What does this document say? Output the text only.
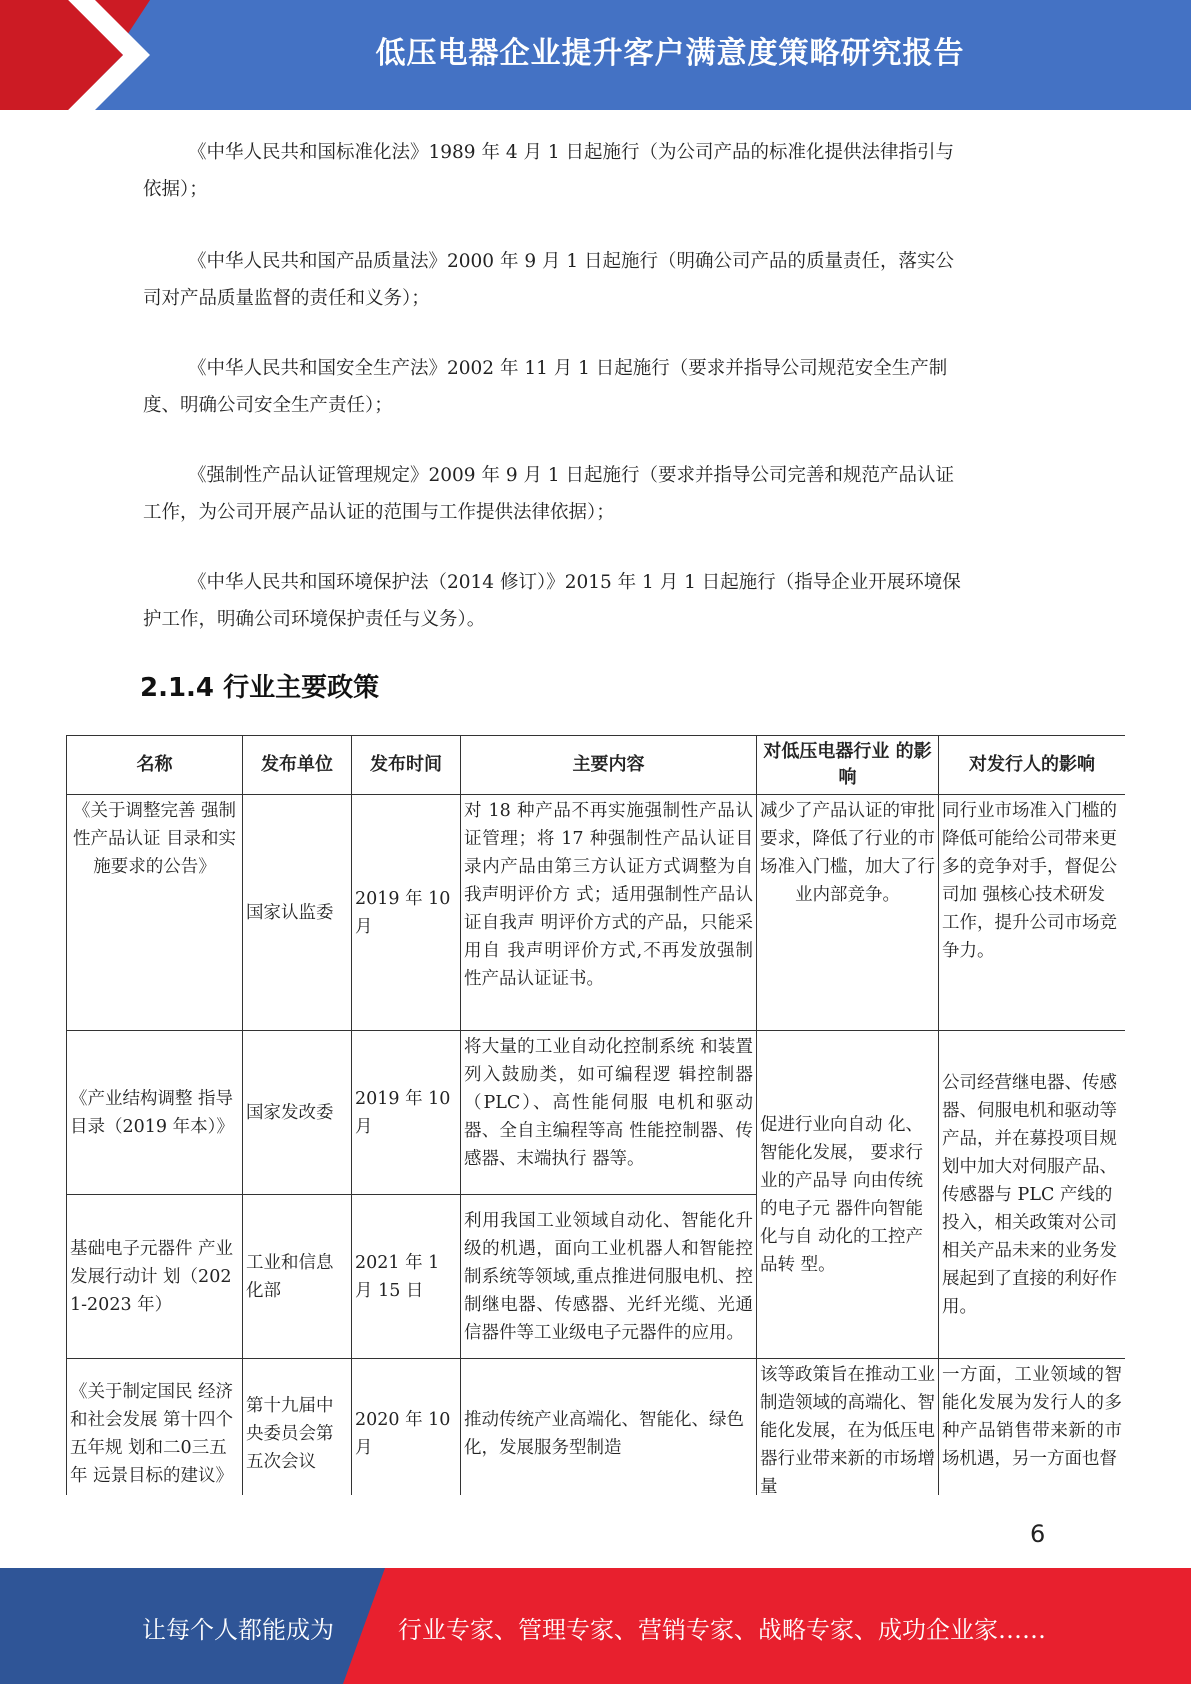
低压电器企业提升客户满意度策略研究报告
《中华人民共和国标准化法》1989 年 4 月 1 日起施行（为公司产品的标准化提供法律指引与
依据）；
《中华人民共和国产品质量法》2000 年 9 月 1 日起施行（明确公司产品的质量责任，落实公
司对产品质量监督的责任和义务）；
《中华人民共和国安全生产法》2002 年 11 月 1 日起施行（要求并指导公司规范安全生产制
度、明确公司安全生产责任）；
《强制性产品认证管理规定》2009 年 9 月 1 日起施行（要求并指导公司完善和规范产品认证
工作，为公司开展产品认证的范围与工作提供法律依据）；
《中华人民共和国环境保护法（2014 修订）》2015 年 1 月 1 日起施行（指导企业开展环境保
护工作，明确公司环境保护责任与义务）。
2.1.4 行业主要政策
名称	发布单位	发布时间	主要内容	对低压电器行业 的影响	对发行人的影响
《关于调整完善 强制性产品认证 目录和实施要求的公告》	国家认监委	2019 年 10 月	对 18 种产品不再实施强制性产品认证管理；将 17 种强制性产品认证目录内产品由第三方认证方式调整为自我声明评价方 式；适用强制性产品认证自我声 明评价方式的产品，只能采用自 我声明评价方式,不再发放强制 性产品认证证书。	减少了产品认证的审批要求，降低了行业的市场准入门槛，加大了行业内部竞争。	同行业市场准入门槛的降低可能给公司带来更多的竞争对手，督促公司加 强核心技术研发工作，提升公司市场竞争力。
《产业结构调整 指导目录（2019 年本）》	国家发改委	2019 年 10 月	将大量的工业自动化控制系统 和装置列入鼓励类，如可编程逻 辑控制器（PLC）、高性能伺服 电机和驱动器、全自主编程等高 性能控制器、传感器、末端执行 器等。	促进行业向自动 化、智能化发展， 要求行业的产品导 向由传统的电子元 器件向智能化与自 动化的工控产品转 型。	公司经营继电器、传感器、伺服电机和驱动等产品，并在募投项目规划中加大对伺服产品、传感器与 PLC 产线的投入，相关政策对公司相关产品未来的业务发展起到了直接的利好作 用。
基础电子元器件 产业发展行动计 划（2021-2023 年）	工业和信息化部	2021 年 1 月 15 日	利用我国工业领域自动化、智能化升级的机遇，面向工业机器人和智能控制系统等领域,重点推进伺服电机、控制继电器、传感器、光纤光缆、光通信器件等工业级电子元器件的应用。		
《关于制定国民 经济和社会发展 第十四个五年规 划和二0三五年 远景目标的建议》	第十九届中央委员会第五次会议	2020 年 10 月	推动传统产业高端化、智能化、绿色化，发展服务型制造	该等政策旨在推动工业制造领域的高端化、智能化发展，在为低压电器行业带来新的市场增量	一方面，工业领域的智能化发展为发行人的多种产品销售带来新的市场机遇，另一方面也督
6
让每个人都能成为	行业专家、管理专家、营销专家、战略专家、成功企业家……
